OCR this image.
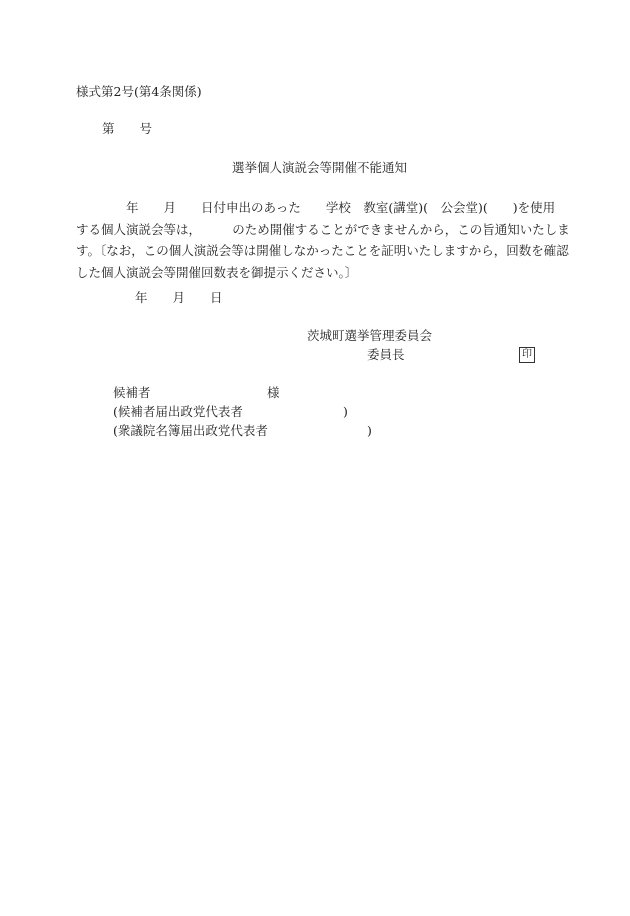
様式第2号(第4条関係)
第　　号
選挙個人演説会等開催不能通知
　　　　年　　月　　日付申出のあった　　学校　教室(講堂)(　公会堂)(　　)を使用
する個人演説会等は，　　　のため開催することができませんから，この旨通知いたしま
す。〔なお，この個人演説会等は開催しなかったことを証明いたしますから，回数を確認
した個人演説会等開催回数表を御提示ください。〕
年　　月　　日
茨城町選挙管理委員会
委員長	印
候補者	様
(候補者届出政党代表者	)
(衆議院名簿届出政党代表者	)
